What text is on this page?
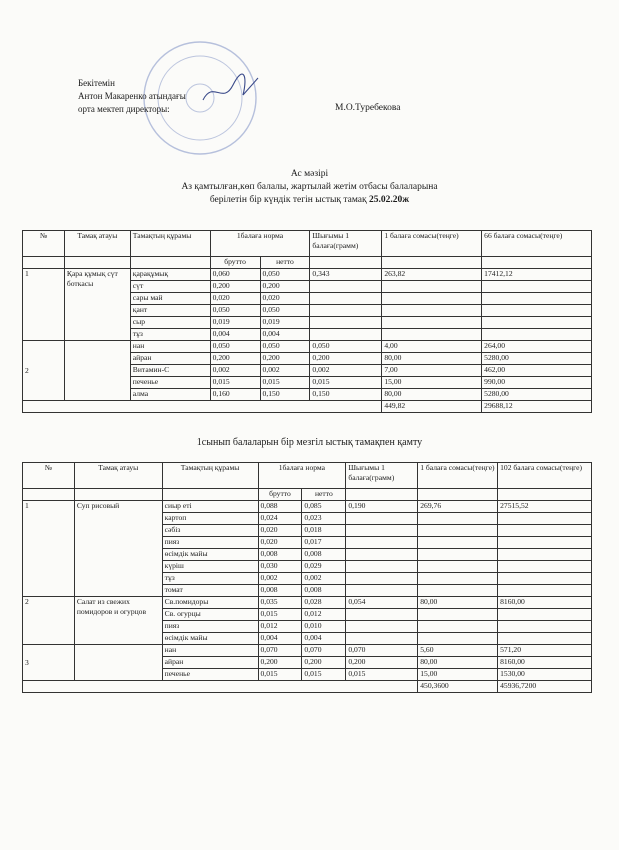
Бекітемін
Антон Макаренко атындағы
орта мектеп директоры:	М.О.Туребекова
Ас мәзірі
Аз қамтылған,көп балалы, жартылай жетім отбасы балаларына
берілетін бір күндік тегін ыстық тамақ 25.02.20ж
№	Тамақ атауы	Тамақтың құрамы	1балаға норма		Шығымы 1 балаға(грамм)	1 балаға сомасы(теңге)	66 балаға сомасы(теңге)
			брутто	нетто			
1	Қара құмық сүт боткасы	қарақұмық	0,060	0,050	0,343	263,82	17412,12
		сүт	0,200	0,200			
		сары май	0,020	0,020			
		қант	0,050	0,050			
		сыр	0,019	0,019			
		тұз	0,004	0,004			
2		нан	0,050	0,050	0,050	4,00	264,00
		айран	0,200	0,200	0,200	80,00	5280,00
		Витамин-С	0,002	0,002	0,002	7,00	462,00
		печенье	0,015	0,015	0,015	15,00	990,00
		алма	0,160	0,150	0,150	80,00	5280,00
						449,82	29688,12
1сынып балаларын бір мезгіл ыстық тамақпен қамту
№	Тамақ атауы	Тамақтың құрамы	1балаға норма		Шығымы 1 балаға(грамм)	1 балаға сомасы(теңге)	102 балаға сомасы(теңге)
			брутто	нетто			
1	Суп рисовый	сиыр еті	0,088	0,085	0,190	269,76	27515,52
		картоп	0,024	0,023			
		сәбіз	0,020	0,018			
		пияз	0,020	0,017			
		өсімдік майы	0,008	0,008			
		күріш	0,030	0,029			
		тұз	0,002	0,002			
		томат	0,008	0,008			
2	Салат из свежих помидоров и огурцов	Св.помидоры	0,035	0,028	0,054	80,00	8160,00
		Св. огурцы	0,015	0,012			
		пияз	0,012	0,010			
		өсімдік майы	0,004	0,004			
3		нан	0,070	0,070	0,070	5,60	571,20
		айран	0,200	0,200	0,200	80,00	8160,00
		печенье	0,015	0,015	0,015	15,00	1530,00
						450,3600	45936,7200
